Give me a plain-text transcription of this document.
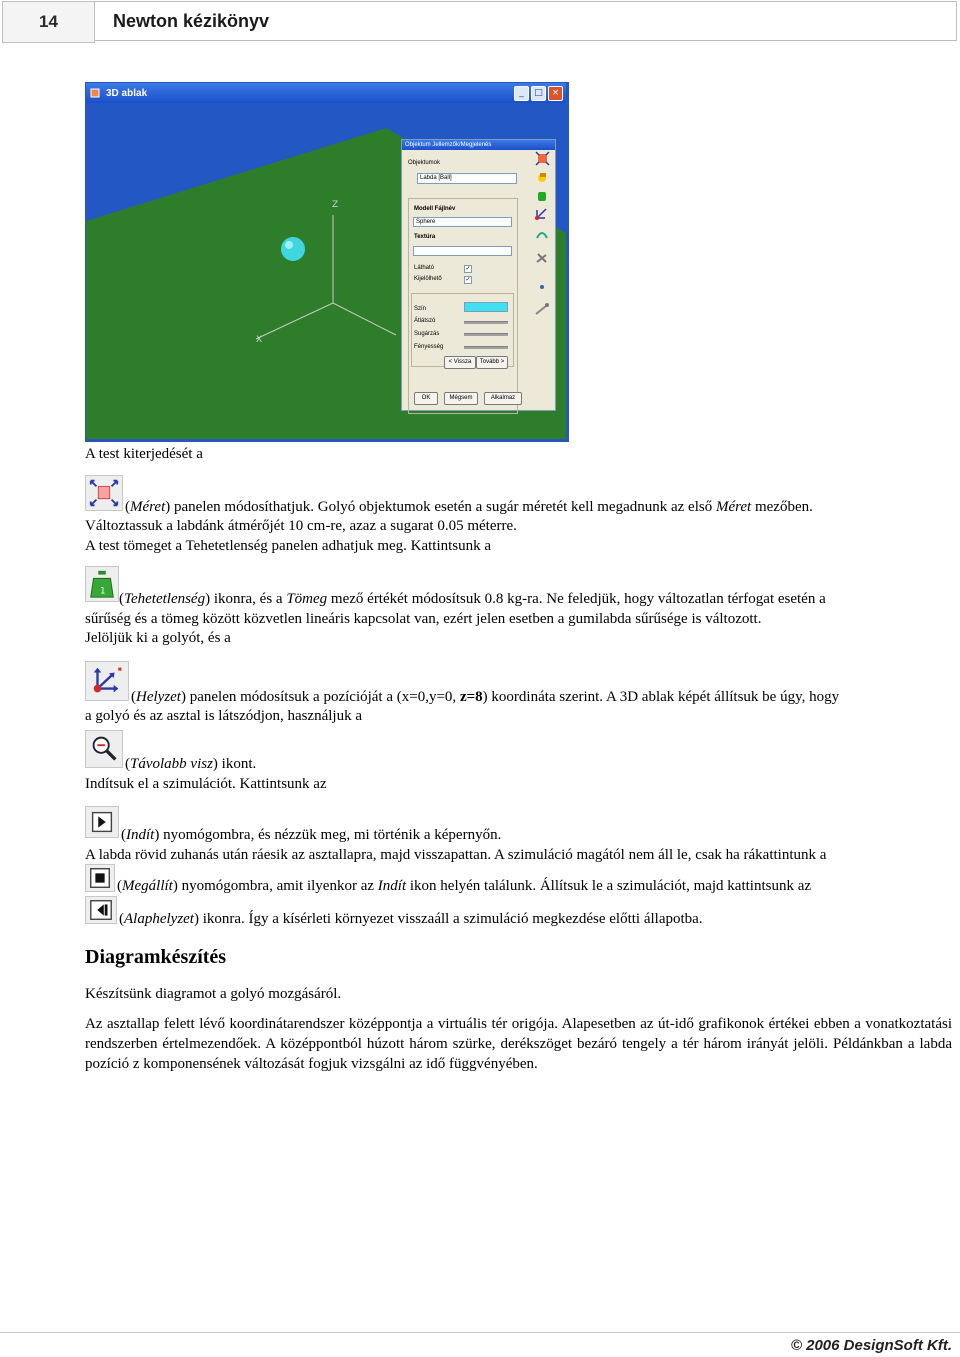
14	Newton kézikönyv
3D ablak	_	□ ×
Z
X
Objektum Jellemzők/Megjelenés
Objektumok
Labda [Ball]
Modell Fájlnév
Sphere
Textúra
Látható	✓
Kijelölhető	✓
Szín
Átlátszó
Sugárzás
Fényesség
< Vissza	Tovább >
OK	Mégsem	Alkalmaz
A test kiterjedését a
(Méret) panelen módosíthatjuk. Golyó objektumok esetén a sugár méretét kell megadnunk az első Méret mezőben.
Változtassuk a labdánk átmérőjét 10 cm-re, azaz a sugarat 0.05 méterre.
A test tömeget a Tehetetlenség panelen adhatjuk meg. Kattintsunk a
1
(Tehetetlenség) ikonra, és a Tömeg mező értékét módosítsuk 0.8 kg-ra. Ne feledjük, hogy változatlan térfogat esetén a
sűrűség és a tömeg között közvetlen lineáris kapcsolat van, ezért jelen esetben a gumilabda sűrűsége is változott.
Jelöljük ki a golyót, és a
(Helyzet) panelen módosítsuk a pozícióját a (x=0,y=0, z=8) koordináta szerint. A 3D ablak képét állítsuk be úgy, hogy
a golyó és az asztal is látszódjon, használjuk a
(Távolabb visz) ikont.
Indítsuk el a szimulációt. Kattintsunk az
(Indít) nyomógombra, és nézzük meg, mi történik a képernyőn.
A labda rövid zuhanás után ráesik az asztallapra, majd visszapattan. A szimuláció magától nem áll le, csak ha rákattintunk a
(Megállít) nyomógombra, amit ilyenkor az Indít ikon helyén találunk. Állítsuk le a szimulációt, majd kattintsunk az
(Alaphelyzet) ikonra. Így a kísérleti környezet visszaáll a szimuláció megkezdése előtti állapotba.
Diagramkészítés
Készítsünk diagramot a golyó mozgásáról.
Az asztallap felett lévő koordinátarendszer középpontja a virtuális tér origója. Alapesetben az út-idő grafikonok értékei ebben a vonatkoztatási rendszerben értelmezendőek. A középpontból húzott három szürke, derékszöget bezáró tengely a tér három irányát jelöli. Példánkban a labda pozíció z komponensének változását fogjuk vizsgálni az idő függvényében.
© 2006 DesignSoft Kft.
